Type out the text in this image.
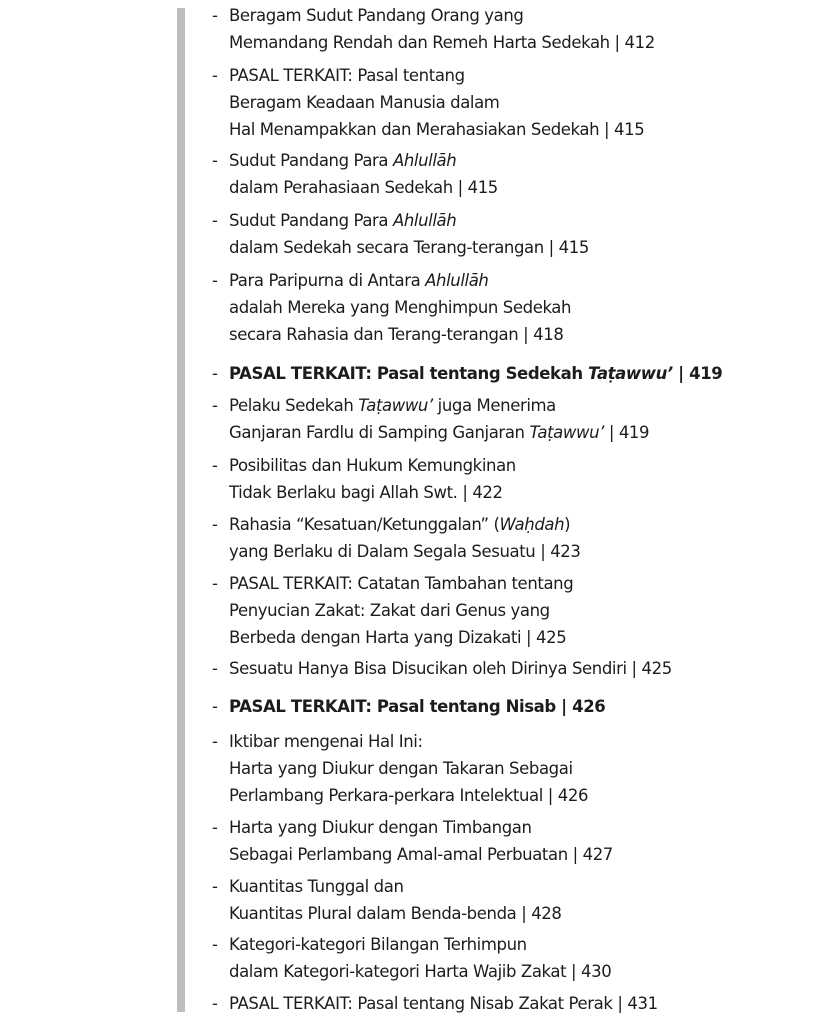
- Beragam Sudut Pandang Orang yang
Memandang Rendah dan Remeh Harta Sedekah | 412
- PASAL TERKAIT: Pasal tentang
Beragam Keadaan Manusia dalam
Hal Menampakkan dan Merahasiakan Sedekah | 415
- Sudut Pandang Para Ahlullāh
dalam Perahasiaan Sedekah | 415
- Sudut Pandang Para Ahlullāh
dalam Sedekah secara Terang-terangan | 415
- Para Paripurna di Antara Ahlullāh
adalah Mereka yang Menghimpun Sedekah
secara Rahasia dan Terang-terangan | 418
- PASAL TERKAIT: Pasal tentang Sedekah Taṭawwu’ | 419
- Pelaku Sedekah Taṭawwu’ juga Menerima
Ganjaran Fardlu di Samping Ganjaran Taṭawwu’ | 419
- Posibilitas dan Hukum Kemungkinan
Tidak Berlaku bagi Allah Swt. | 422
- Rahasia “Kesatuan/Ketunggalan” (Waḥdah)
yang Berlaku di Dalam Segala Sesuatu | 423
- PASAL TERKAIT: Catatan Tambahan tentang
Penyucian Zakat: Zakat dari Genus yang
Berbeda dengan Harta yang Dizakati | 425
- Sesuatu Hanya Bisa Disucikan oleh Dirinya Sendiri | 425
- PASAL TERKAIT: Pasal tentang Nisab | 426
- Iktibar mengenai Hal Ini:
Harta yang Diukur dengan Takaran Sebagai
Perlambang Perkara-perkara Intelektual | 426
- Harta yang Diukur dengan Timbangan
Sebagai Perlambang Amal-amal Perbuatan | 427
- Kuantitas Tunggal dan
Kuantitas Plural dalam Benda-benda | 428
- Kategori-kategori Bilangan Terhimpun
dalam Kategori-kategori Harta Wajib Zakat | 430
- PASAL TERKAIT: Pasal tentang Nisab Zakat Perak | 431
